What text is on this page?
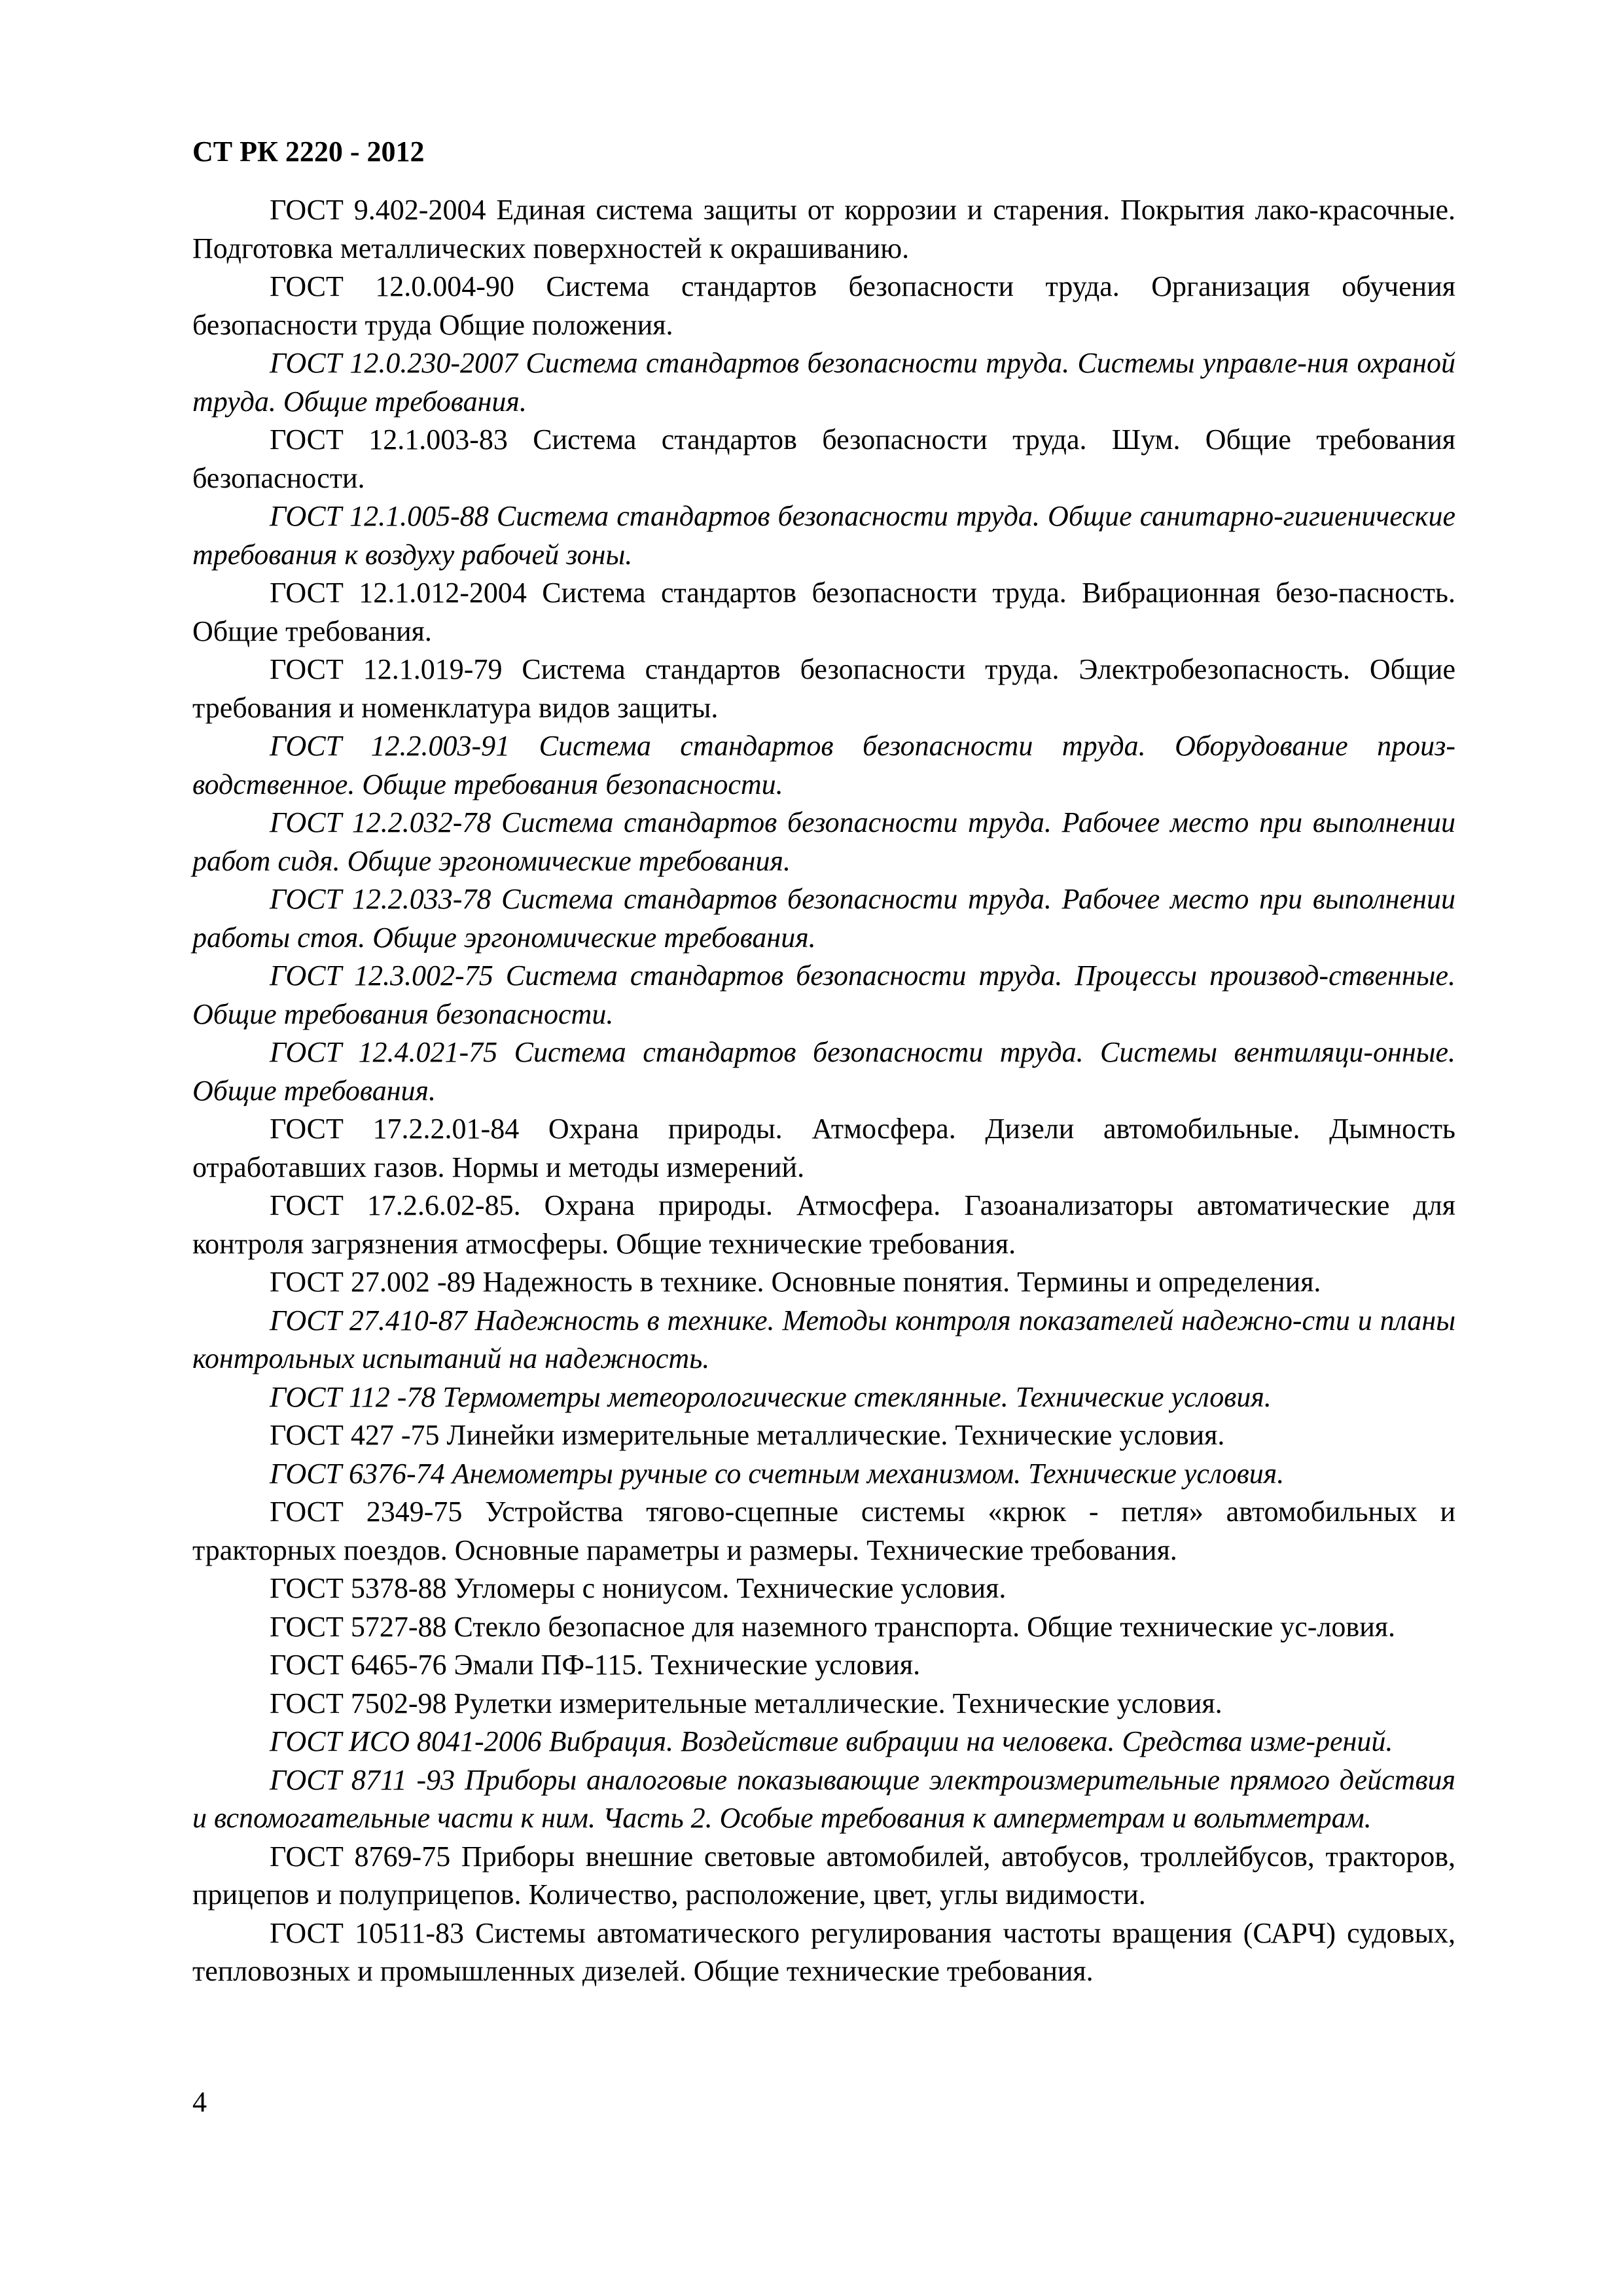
СТ РК 2220 - 2012

ГОСТ 9.402-2004 Единая система защиты от коррозии и старения. Покрытия лако-красочные. Подготовка металлических поверхностей к окрашиванию.

ГОСТ 12.0.004-90 Система стандартов безопасности труда. Организация обучения безопасности труда Общие положения.

ГОСТ 12.0.230-2007 Система стандартов безопасности труда. Системы управле-ния охраной труда. Общие требования.

ГОСТ 12.1.003-83 Система стандартов безопасности труда. Шум. Общие требования безопасности.

ГОСТ 12.1.005-88 Система стандартов безопасности труда. Общие санитарно-гигиенические требования к воздуху рабочей зоны.

ГОСТ 12.1.012-2004 Система стандартов безопасности труда. Вибрационная безо-пасность. Общие требования.

ГОСТ 12.1.019-79 Система стандартов безопасности труда. Электробезопасность. Общие требования и номенклатура видов защиты.

ГОСТ 12.2.003-91 Система стандартов безопасности труда. Оборудование произ-водственное. Общие требования безопасности.

ГОСТ 12.2.032-78 Система стандартов безопасности труда. Рабочее место при выполнении работ сидя. Общие эргономические требования.

ГОСТ 12.2.033-78 Система стандартов безопасности труда. Рабочее место при выполнении работы стоя. Общие эргономические требования.

ГОСТ 12.3.002-75 Система стандартов безопасности труда. Процессы производ-ственные. Общие требования безопасности.

ГОСТ 12.4.021-75 Система стандартов безопасности труда. Системы вентиляци-онные. Общие требования.

ГОСТ 17.2.2.01-84 Охрана природы. Атмосфера. Дизели автомобильные. Дымность отработавших газов. Нормы и методы измерений.

ГОСТ 17.2.6.02-85. Охрана природы. Атмосфера. Газоанализаторы автоматические для контроля загрязнения атмосферы. Общие технические требования.

ГОСТ 27.002 -89 Надежность в технике. Основные понятия. Термины и определения.

ГОСТ 27.410-87 Надежность в технике. Методы контроля показателей надежно-сти и планы контрольных испытаний на надежность.

ГОСТ 112 -78 Термометры метеорологические стеклянные. Технические условия.

ГОСТ 427 -75 Линейки измерительные металлические. Технические условия.

ГОСТ 6376-74 Анемометры ручные со счетным механизмом. Технические условия.

ГОСТ 2349-75 Устройства тягово-сцепные системы «крюк - петля» автомобильных и тракторных поездов. Основные параметры и размеры. Технические требования.

ГОСТ 5378-88 Угломеры с нониусом. Технические условия.

ГОСТ 5727-88 Стекло безопасное для наземного транспорта. Общие технические ус-ловия.

ГОСТ 6465-76 Эмали ПФ-115. Технические условия.

ГОСТ 7502-98 Рулетки измерительные металлические. Технические условия.

ГОСТ ИСО 8041-2006 Вибрация. Воздействие вибрации на человека. Средства изме-рений.

ГОСТ 8711 -93 Приборы аналоговые показывающие электроизмерительные прямого действия и вспомогательные части к ним. Часть 2. Особые требования к амперметрам и вольтметрам.

ГОСТ 8769-75 Приборы внешние световые автомобилей, автобусов, троллейбусов, тракторов, прицепов и полуприцепов. Количество, расположение, цвет, углы видимости.

ГОСТ 10511-83 Системы автоматического регулирования частоты вращения (САРЧ) судовых, тепловозных и промышленных дизелей. Общие технические требования.

4
